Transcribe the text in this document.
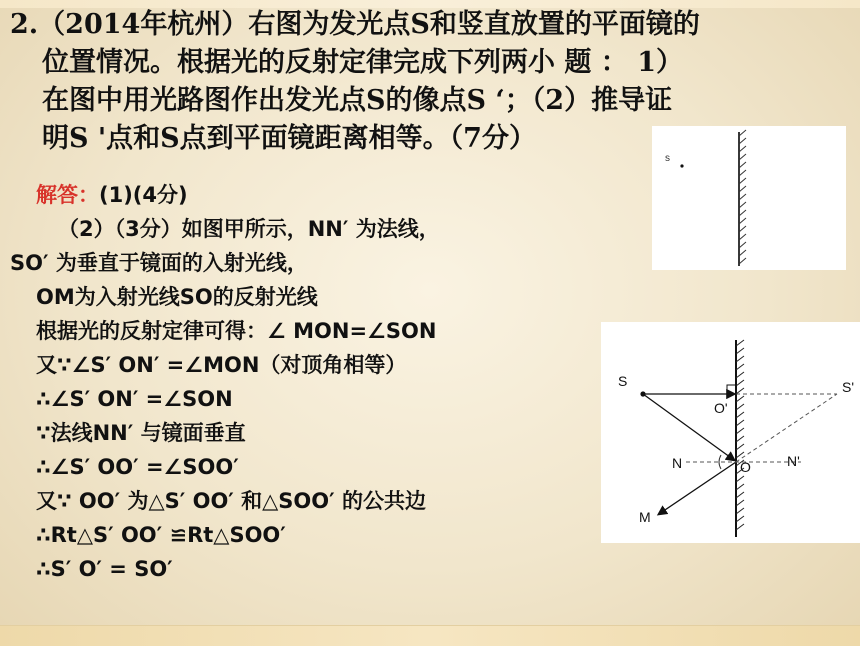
2.（2014年杭州）右图为发光点S和竖直放置的平面镜的
位置情况。根据光的反射定律完成下列两小 题 ： 1）
在图中用光路图作出发光点S的像点S ‘；（2）推导证
明S '点和S点到平面镜距离相等。（7分）
s
解答：(1)(4分)
（2）（3分）如图甲所示，NN′ 为法线，
SO′ 为垂直于镜面的入射光线，
OM为入射光线SO的反射光线
根据光的反射定律可得：∠ MON=∠SON
又∵∠S′ ON′ =∠MON（对顶角相等）
∴∠S′ ON′ =∠SON
∵法线NN′ 与镜面垂直
∴∠S′ OO′ =∠SOO′
又∵ OO′ 为△S′ OO′ 和△SOO′ 的公共边
∴Rt△S′ OO′ ≌Rt△SOO′
∴S′ O′ = SO′
S	S'
O'
N	N'
O
M
